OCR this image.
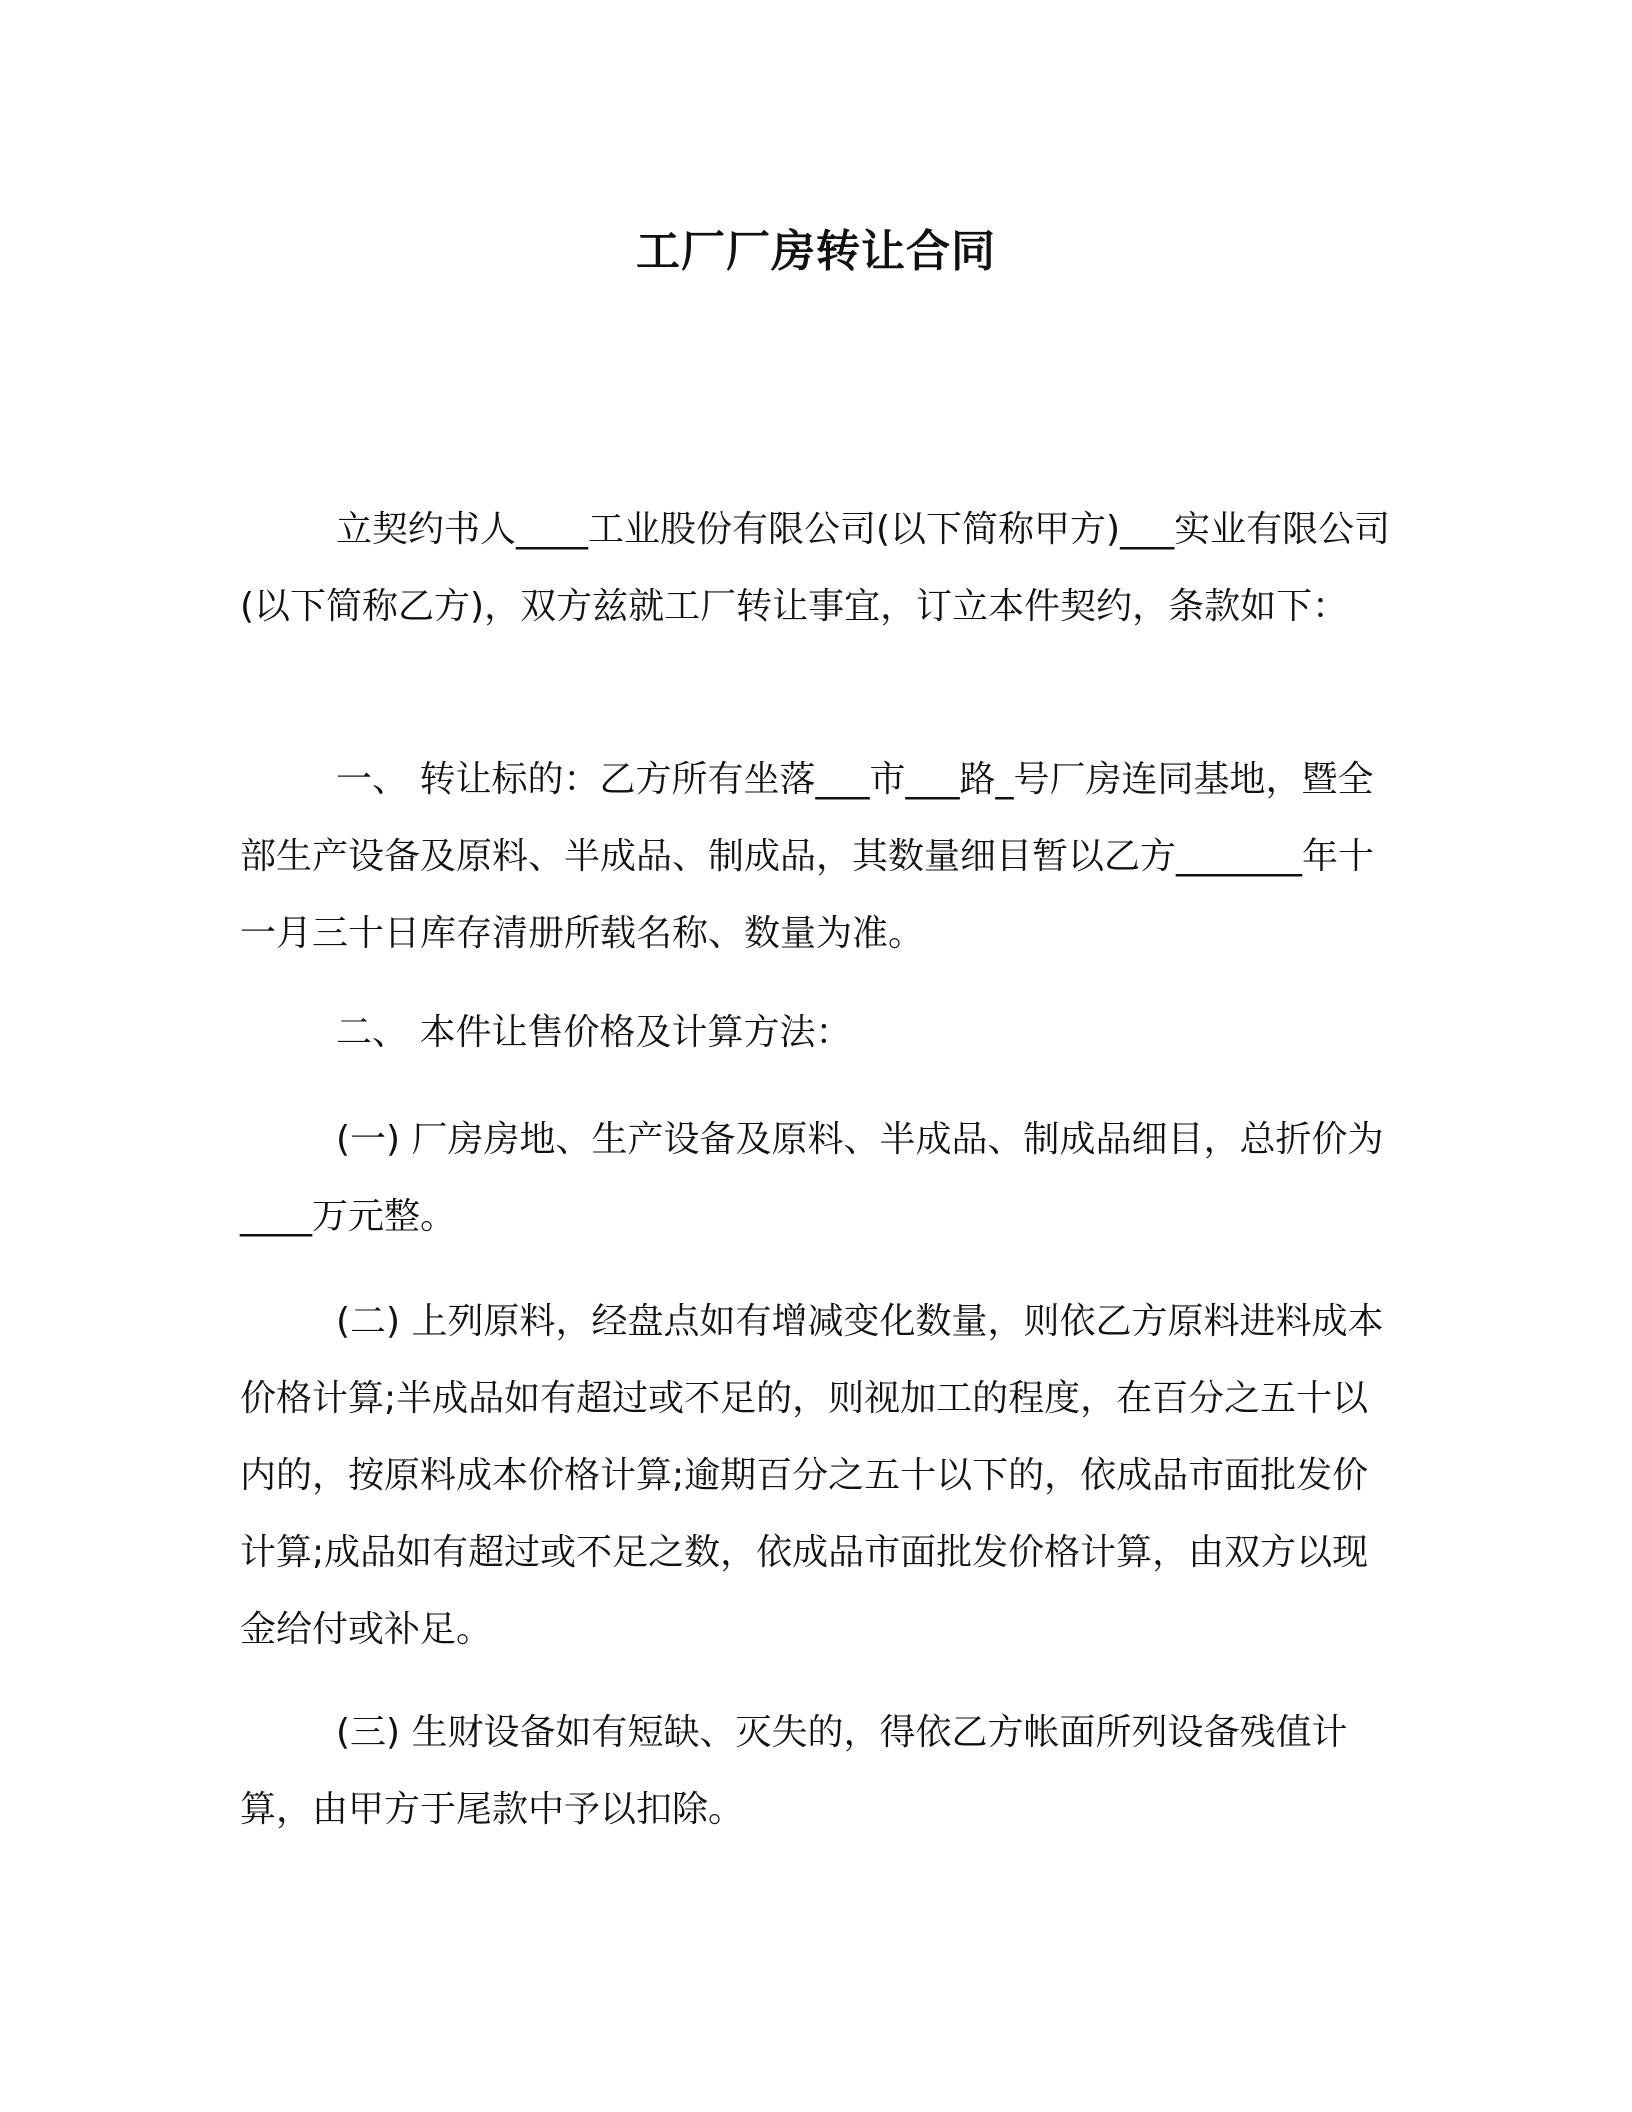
工厂厂房转让合同

立契约书人____工业股份有限公司(以下简称甲方)___实业有限公司(以下简称乙方)，双方兹就工厂转让事宜，订立本件契约，条款如下：

一、 转让标的：乙方所有坐落___市___路_号厂房连同基地，暨全部生产设备及原料、半成品、制成品，其数量细目暂以乙方_______年十一月三十日库存清册所载名称、数量为准。

二、 本件让售价格及计算方法：

(一) 厂房房地、生产设备及原料、半成品、制成品细目，总折价为____万元整。

(二) 上列原料，经盘点如有增减变化数量，则依乙方原料进料成本价格计算;半成品如有超过或不足的，则视加工的程度，在百分之五十以内的，按原料成本价格计算;逾期百分之五十以下的，依成品市面批发价计算;成品如有超过或不足之数，依成品市面批发价格计算，由双方以现金给付或补足。

(三) 生财设备如有短缺、灭失的，得依乙方帐面所列设备残值计算，由甲方于尾款中予以扣除。
